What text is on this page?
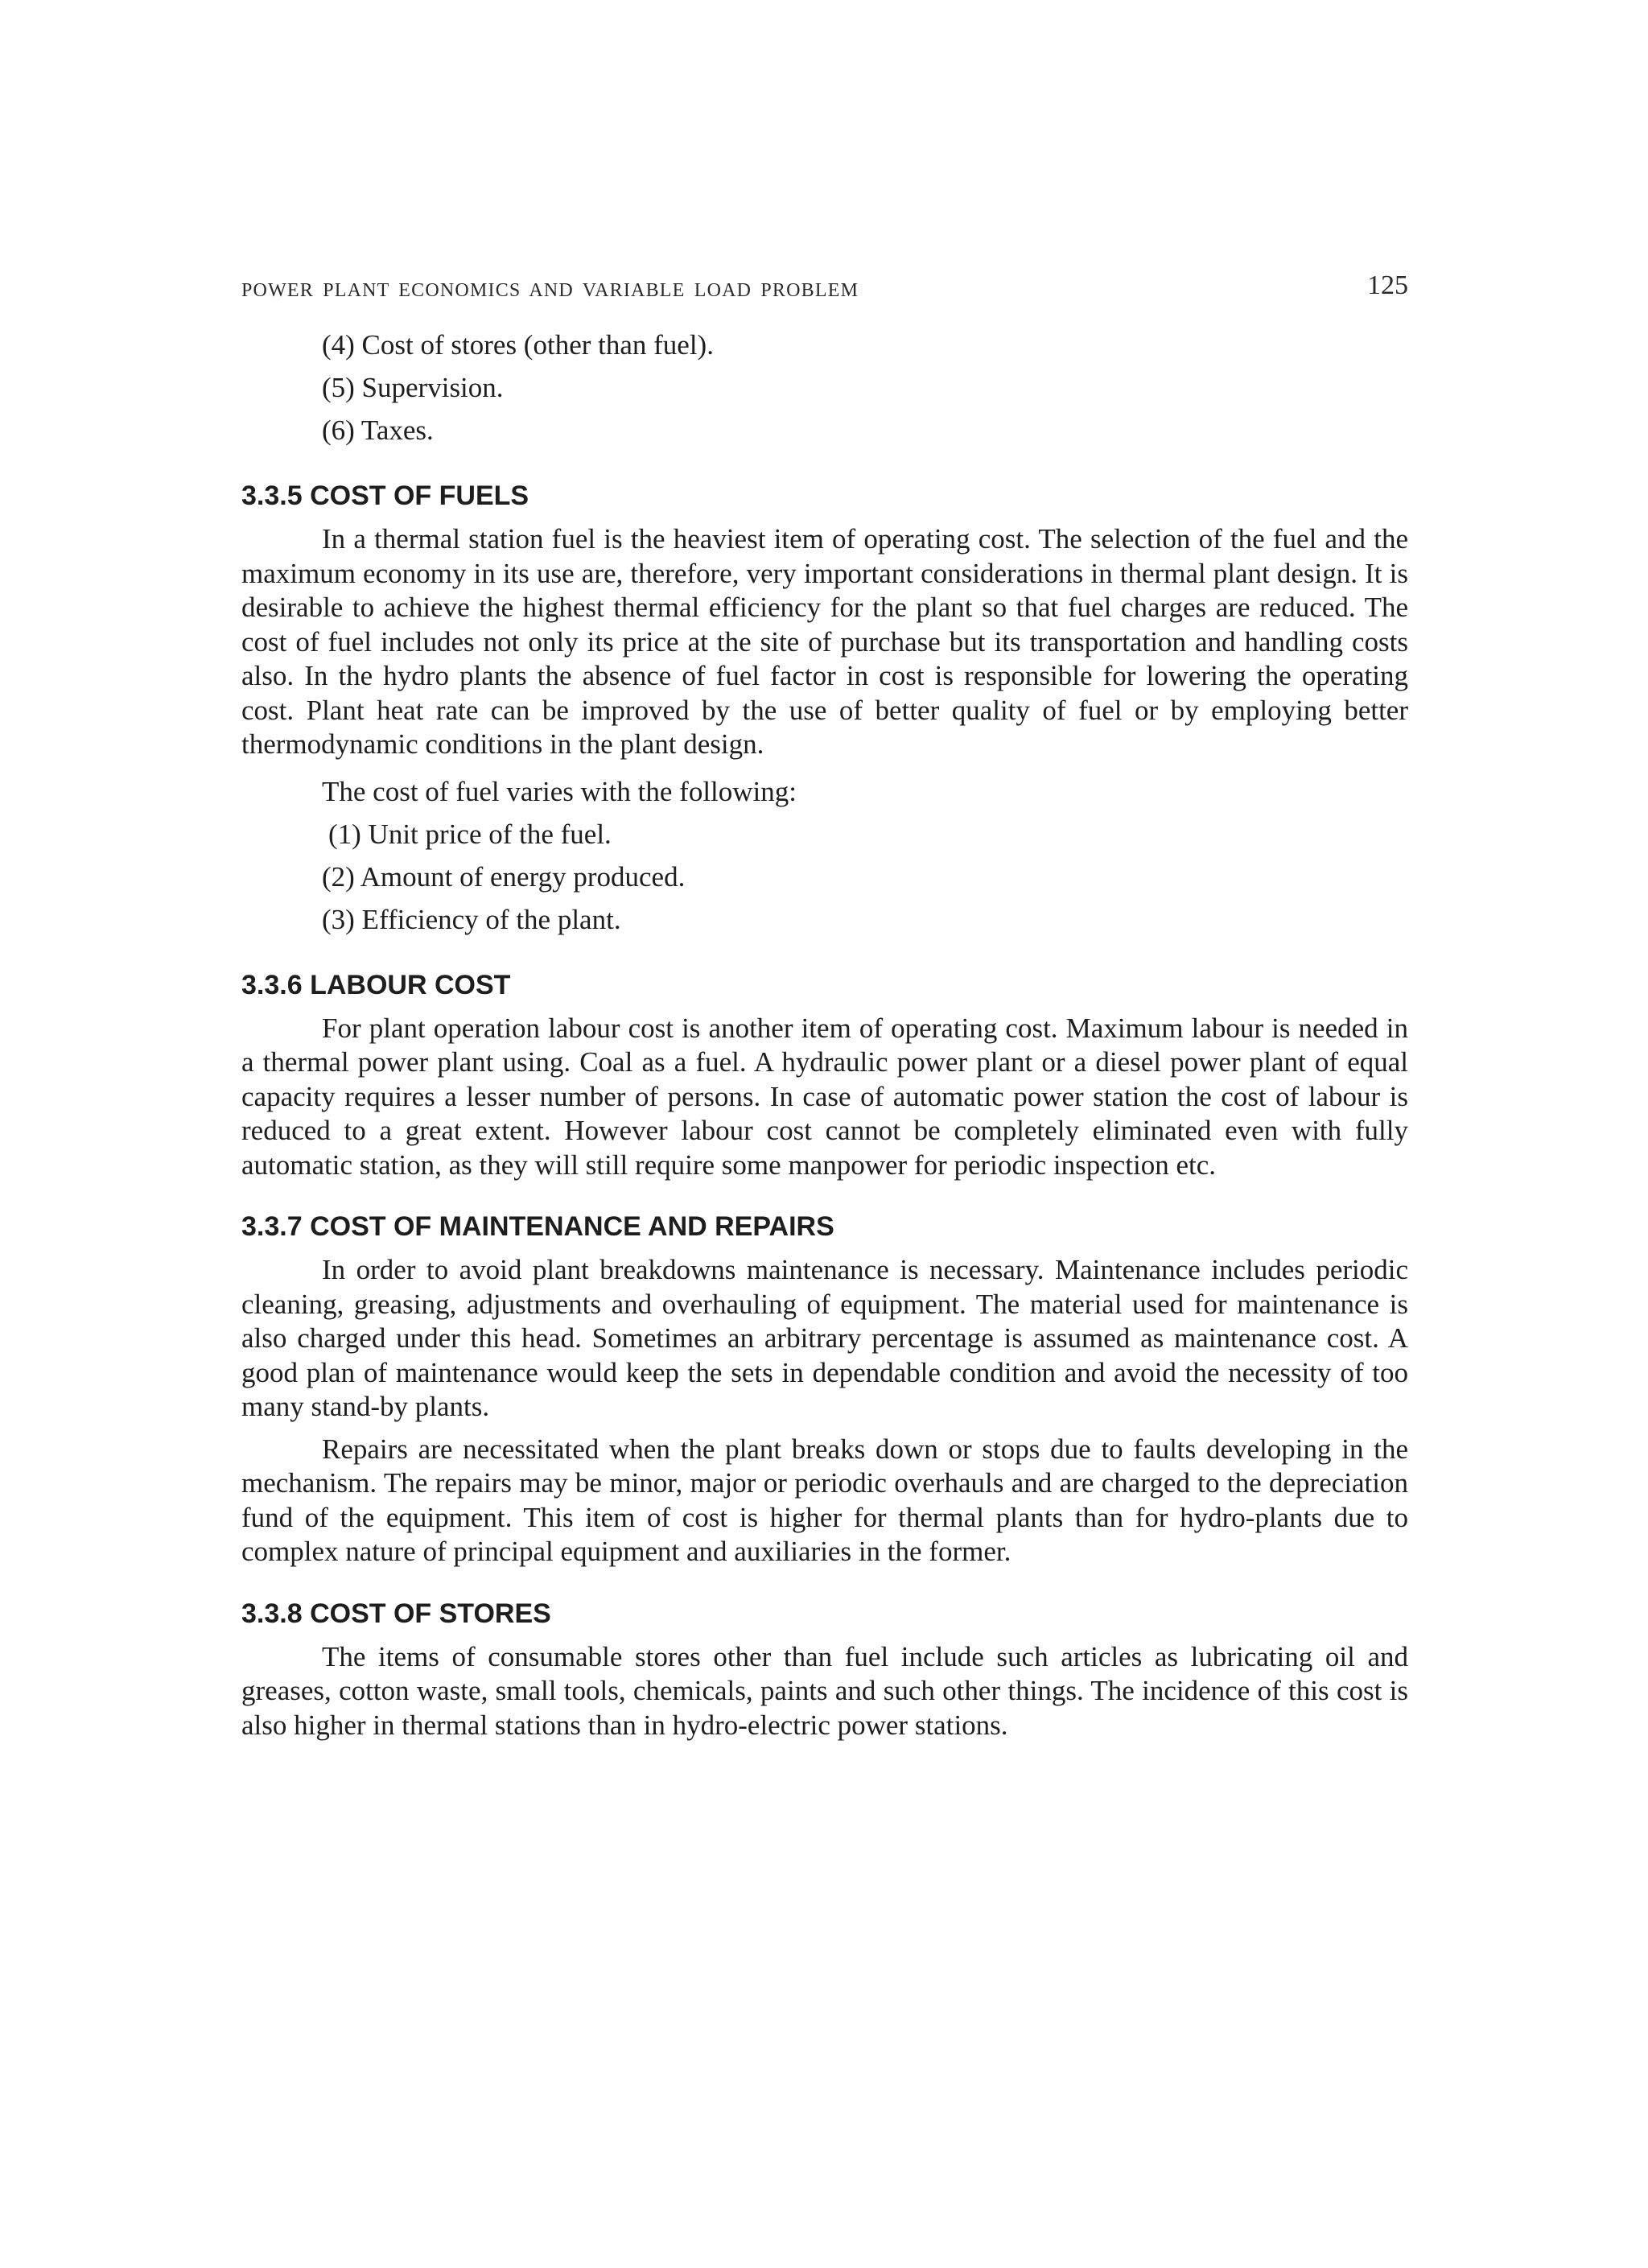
POWER PLANT ECONOMICS AND VARIABLE LOAD PROBLEM	125
(4) Cost of stores (other than fuel).
(5) Supervision.
(6) Taxes.
3.3.5 COST OF FUELS

In a thermal station fuel is the heaviest item of operating cost. The selection of the fuel and the maximum economy in its use are, therefore, very important considerations in thermal plant design. It is desirable to achieve the highest thermal efficiency for the plant so that fuel charges are reduced. The cost of fuel includes not only its price at the site of purchase but its transportation and handling costs also. In the hydro plants the absence of fuel factor in cost is responsible for lowering the operating cost. Plant heat rate can be improved by the use of better quality of fuel or by employing better thermodynamic conditions in the plant design.

The cost of fuel varies with the following:
(1) Unit price of the fuel.
(2) Amount of energy produced.
(3) Efficiency of the plant.
3.3.6 LABOUR COST

For plant operation labour cost is another item of operating cost. Maximum labour is needed in a thermal power plant using. Coal as a fuel. A hydraulic power plant or a diesel power plant of equal capacity requires a lesser number of persons. In case of automatic power station the cost of labour is reduced to a great extent. However labour cost cannot be completely eliminated even with fully automatic station, as they will still require some manpower for periodic inspection etc.

3.3.7 COST OF MAINTENANCE AND REPAIRS

In order to avoid plant breakdowns maintenance is necessary. Maintenance includes periodic cleaning, greasing, adjustments and overhauling of equipment. The material used for maintenance is also charged under this head. Sometimes an arbitrary percentage is assumed as maintenance cost. A good plan of maintenance would keep the sets in dependable condition and avoid the necessity of too many stand-by plants.

Repairs are necessitated when the plant breaks down or stops due to faults developing in the mechanism. The repairs may be minor, major or periodic overhauls and are charged to the depreciation fund of the equipment. This item of cost is higher for thermal plants than for hydro-plants due to complex nature of principal equipment and auxiliaries in the former.

3.3.8 COST OF STORES

The items of consumable stores other than fuel include such articles as lubricating oil and greases, cotton waste, small tools, chemicals, paints and such other things. The incidence of this cost is also higher in thermal stations than in hydro-electric power stations.
